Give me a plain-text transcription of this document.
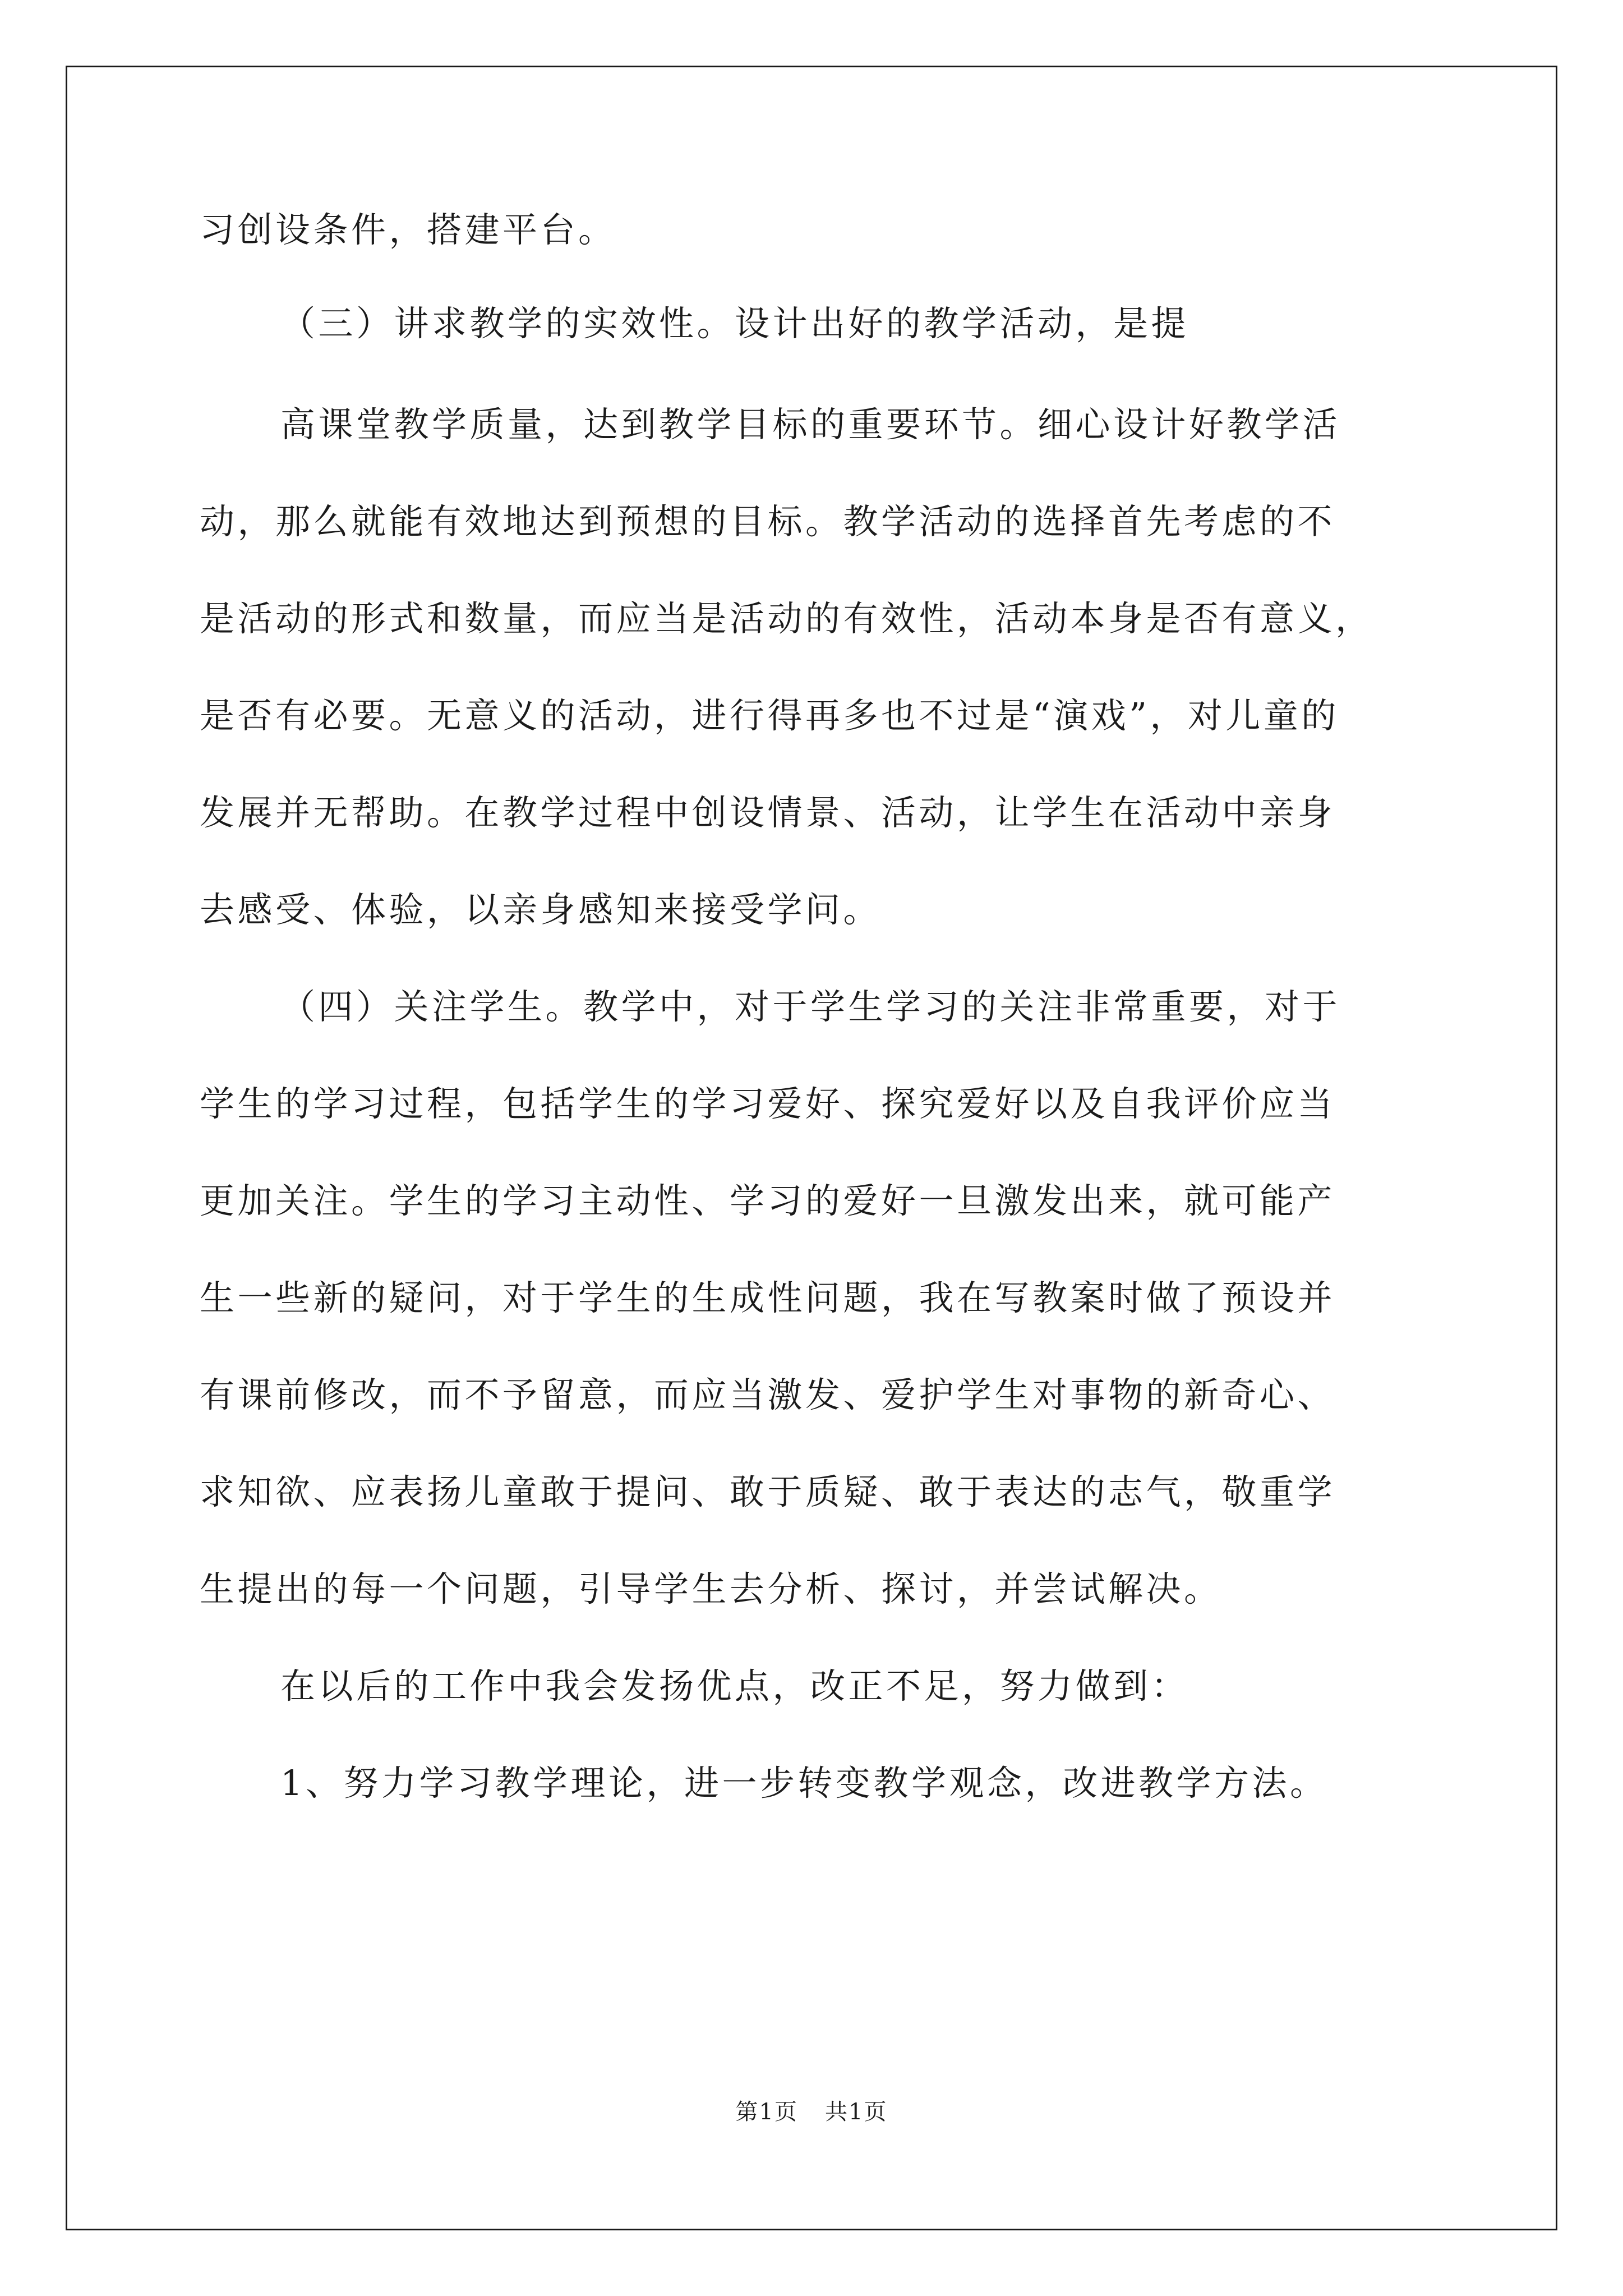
习创设条件，搭建平台。
（三）讲求教学的实效性。设计出好的教学活动，是提
高课堂教学质量，达到教学目标的重要环节。细心设计好教学活
动，那么就能有效地达到预想的目标。教学活动的选择首先考虑的不
是活动的形式和数量，而应当是活动的有效性，活动本身是否有意义，
是否有必要。无意义的活动，进行得再多也不过是“演戏”，对儿童的
发展并无帮助。在教学过程中创设情景、活动，让学生在活动中亲身
去感受、体验，以亲身感知来接受学问。
（四）关注学生。教学中，对于学生学习的关注非常重要，对于
学生的学习过程，包括学生的学习爱好、探究爱好以及自我评价应当
更加关注。学生的学习主动性、学习的爱好一旦激发出来，就可能产
生一些新的疑问，对于学生的生成性问题，我在写教案时做了预设并
有课前修改，而不予留意，而应当激发、爱护学生对事物的新奇心、
求知欲、应表扬儿童敢于提问、敢于质疑、敢于表达的志气，敬重学
生提出的每一个问题，引导学生去分析、探讨，并尝试解决。
在以后的工作中我会发扬优点，改正不足，努力做到：
1、努力学习教学理论，进一步转变教学观念，改进教学方法。
第1页 共1页
